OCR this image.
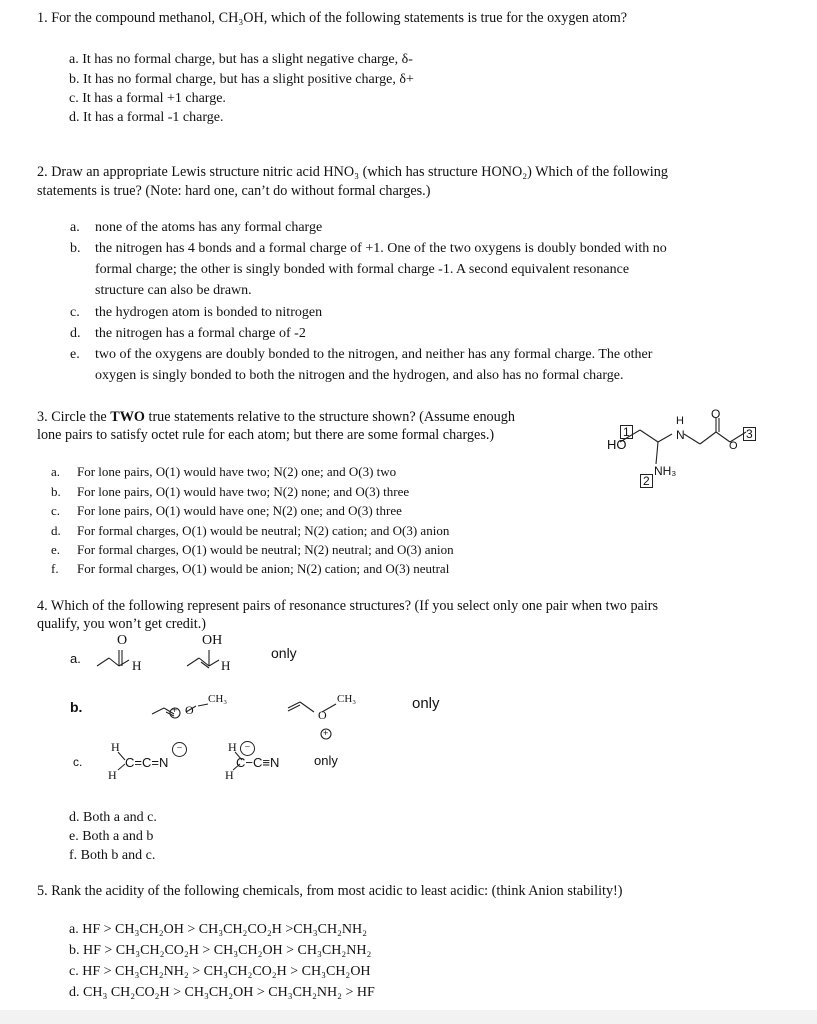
1. For the compound methanol, CH₃OH, which of the following statements is true for the oxygen atom?
a. It has no formal charge, but has a slight negative charge, δ-
b. It has no formal charge, but has a slight positive charge, δ+
c. It has a formal +1 charge.
d. It has a formal -1 charge.
2. Draw an appropriate Lewis structure nitric acid HNO₃ (which has structure HONO₂) Which of the following
statements is true? (Note: hard one, can’t do without formal charges.)
a. none of the atoms has any formal charge
b. the nitrogen has 4 bonds and a formal charge of +1. One of the two oxygens is doubly bonded with no
formal charge; the other is singly bonded with formal charge -1. A second equivalent resonance
structure can also be drawn.
c. the hydrogen atom is bonded to nitrogen
d. the nitrogen has a formal charge of -2
e. two of the oxygens are doubly bonded to the nitrogen, and neither has any formal charge. The other
oxygen is singly bonded to both the nitrogen and the hydrogen, and also has no formal charge.
3. Circle the TWO true statements relative to the structure shown? (Assume enough
lone pairs to satisfy octet rule for each atom; but there are some formal charges.)	1
HO
H
N
O
O
3
2
NH₃
a. For lone pairs, O(1) would have two; N(2) one; and O(3) two
b. For lone pairs, O(1) would have two; N(2) none; and O(3) three
c. For lone pairs, O(1) would have one; N(2) one; and O(3) three
d. For formal charges, O(1) would be neutral; N(2) cation; and O(3) anion
e. For formal charges, O(1) would be neutral; N(2) neutral; and O(3) anion
f. For formal charges, O(1) would be anion; N(2) cation; and O(3) neutral
4. Which of the following represent pairs of resonance structures? (If you select only one pair when two pairs
qualify, you won’t get credit.)
a.
O
H
OH
H
only
b.	+ O
CH₃
O
CH₃
+
only
c.
H
H
C=C=N
−	H −
C−C≡N
H
only
d. Both a and c.
e. Both a and b
f. Both b and c.
5. Rank the acidity of the following chemicals, from most acidic to least acidic: (think Anion stability!)
a. HF > CH₃CH₂OH > CH₃CH₂CO₂H >CH₃CH₂NH₂
b. HF > CH₃CH₂CO₂H > CH₃CH₂OH > CH₃CH₂NH₂
c. HF > CH₃CH₂NH₂ > CH₃CH₂CO₂H > CH₃CH₂OH
d. CH₃ CH₂CO₂H > CH₃CH₂OH > CH₃CH₂NH₂ > HF
